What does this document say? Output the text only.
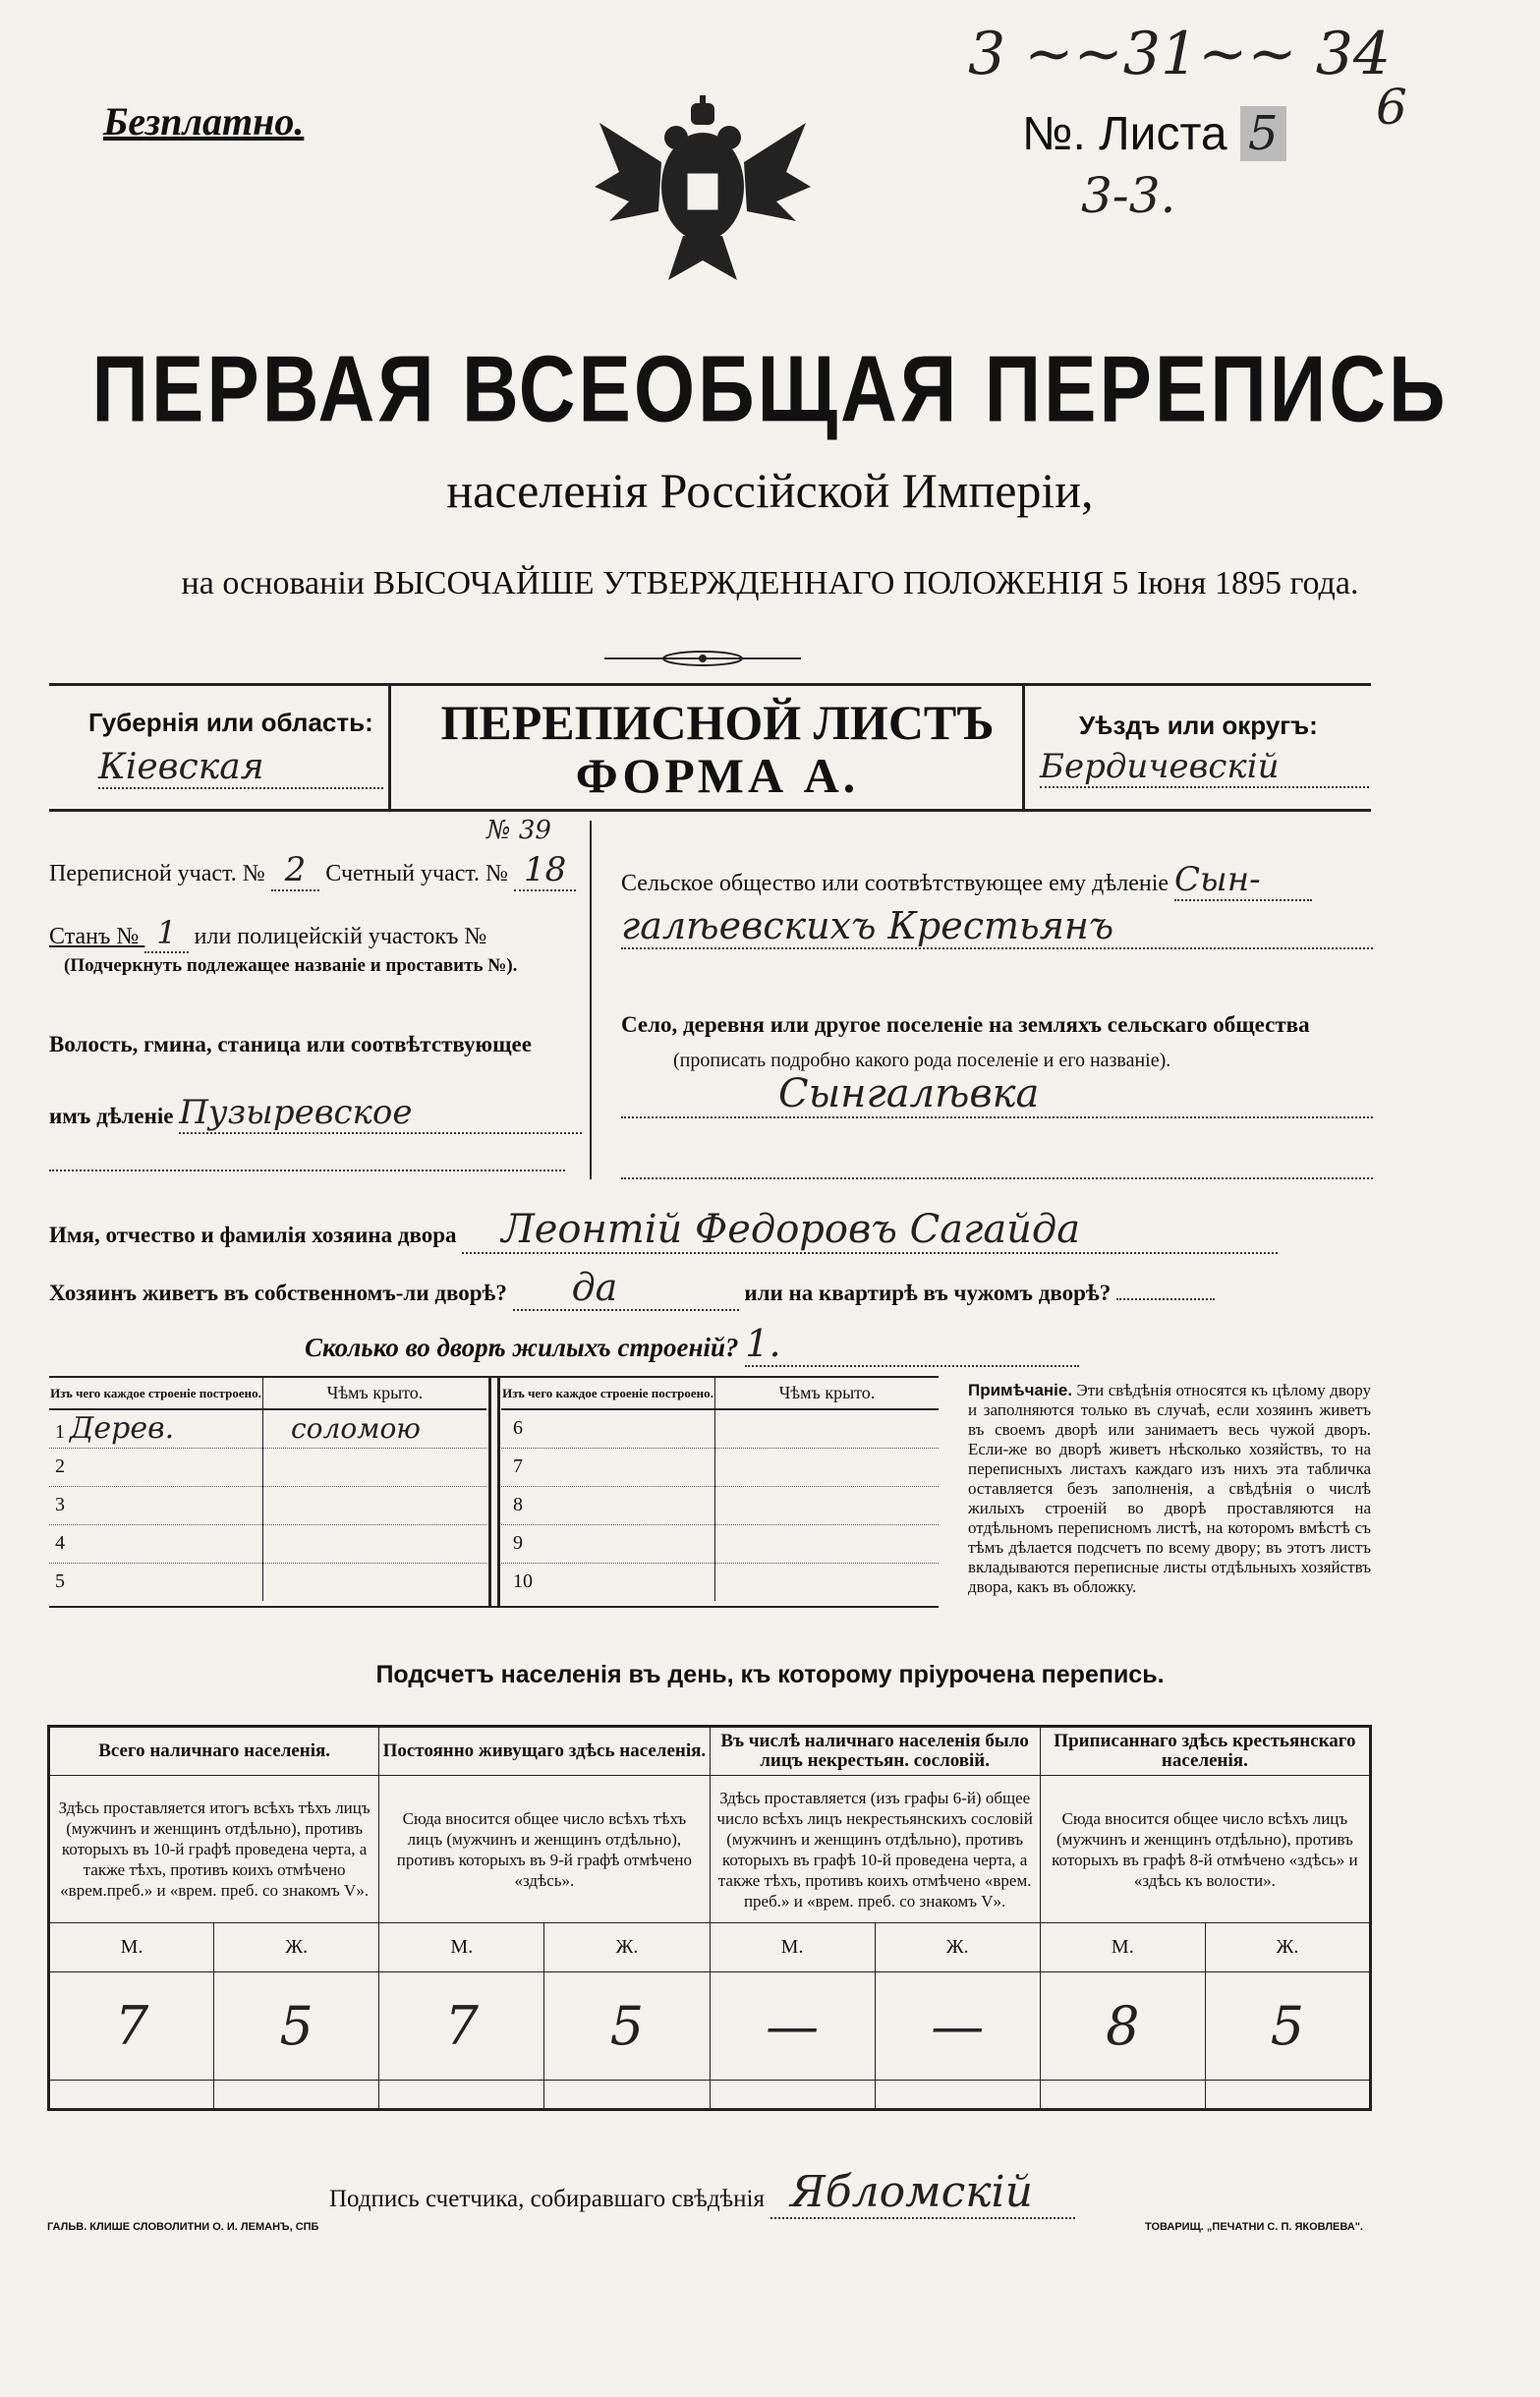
Безплатно.	№. Листа 5
3 ~~31~~ 34
3-3.
6
ПЕРВАЯ ВСЕОБЩАЯ ПЕРЕПИСЬ
населенія Россійской Имперіи,
на основаніи ВЫСОЧАЙШЕ УТВЕРЖДЕННАГО ПОЛОЖЕНІЯ 5 Іюня 1895 года.
Губернія или область:
Кіевская
ПЕРЕПИСНОЙ ЛИСТЪ
ФОРМА А.
Уѣздъ или округъ:
Бердичевскій
Переписной участ. № 2 Счетный участ. № 18
№ 39
Станъ № 1 или полицейскій участокъ №
(Подчеркнуть подлежащее названіе и проставить №).
Волость, гмина, станица или соотвѣтствующее
имъ дѣленіе Пузыревское
Сельское общество или соотвѣтствующее ему дѣленіе Сын-
галѣевскихъ Крестьянъ
Село, деревня или другое поселеніе на земляхъ сельскаго общества
(прописать подробно какого рода поселеніе и его названіе).
Сынгалѣвка
Имя, отчество и фамилія хозяина двора Леонтій Федоровъ Сагайда
Хозяинъ живетъ въ собственномъ-ли дворѣ? да	или на квартирѣ въ чужомъ дворѣ?
Сколько во дворѣ жилыхъ строеній? 1.
Изъ чего каждое строеніе построено.	Чѣмъ крыто.
1 Дерев.	соломою
2	
3	
4	
5	
Изъ чего каждое строеніе построено.	Чѣмъ крыто.
6	
7	
8	
9	
10	
Примѣчаніе. Эти свѣдѣнія относятся къ цѣлому двору и заполняются только въ случаѣ, если хозяинъ живетъ въ своемъ дворѣ или занимаетъ весь чужой дворъ. Если-же во дворѣ живетъ нѣсколько хозяйствъ, то на переписныхъ листахъ каждаго изъ нихъ эта табличка оставляется безъ заполненія, а свѣдѣнія о числѣ жилыхъ строеній во дворѣ проставляются на отдѣльномъ переписномъ листѣ, на которомъ вмѣстѣ съ тѣмъ дѣлается подсчетъ по всему двору; въ этотъ листъ вкладываются переписные листы отдѣльныхъ хозяйствъ двора, какъ въ обложку.
Подсчетъ населенія въ день, къ которому пріурочена перепись.
Всего наличнаго населенія.		Постоянно живущаго здѣсь населенія.		Въ числѣ наличнаго населенія было лицъ некрестьян. сословій.		Приписаннаго здѣсь крестьянскаго населенія.	
Здѣсь проставляется итогъ всѣхъ тѣхъ лицъ (мужчинъ и женщинъ отдѣльно), противъ которыхъ въ 10-й графѣ проведена черта, а также тѣхъ, противъ коихъ отмѣчено «врем.преб.» и «врем. преб. со знакомъ V».		Сюда вносится общее число всѣхъ тѣхъ лицъ (мужчинъ и женщинъ отдѣльно), противъ которыхъ въ 9-й графѣ отмѣчено «здѣсь».		Здѣсь проставляется (изъ графы 6-й) общее число всѣхъ лицъ некрестьянскихъ сословій (мужчинъ и женщинъ отдѣльно), противъ которыхъ въ графѣ 10-й проведена черта, а также тѣхъ, противъ коихъ отмѣчено «врем. преб.» и «врем. преб. со знакомъ V».		Сюда вносится общее число всѣхъ лицъ (мужчинъ и женщинъ отдѣльно), противъ которыхъ въ графѣ 8-й отмѣчено «здѣсь» и «здѣсь къ волости».	
М.	Ж.	М.	Ж.	М.	Ж.	М.	Ж.
7	5	7	5	—	—	8	5

Подпись счетчика, собиравшаго свѣдѣнія Ябломскій
ГАЛЬВ. КЛИШЕ СЛОВОЛИТНИ О. И. ЛЕМАНЪ, СПБ	ТОВАРИЩ. „ПЕЧАТНИ С. П. ЯКОВЛЕВА".
